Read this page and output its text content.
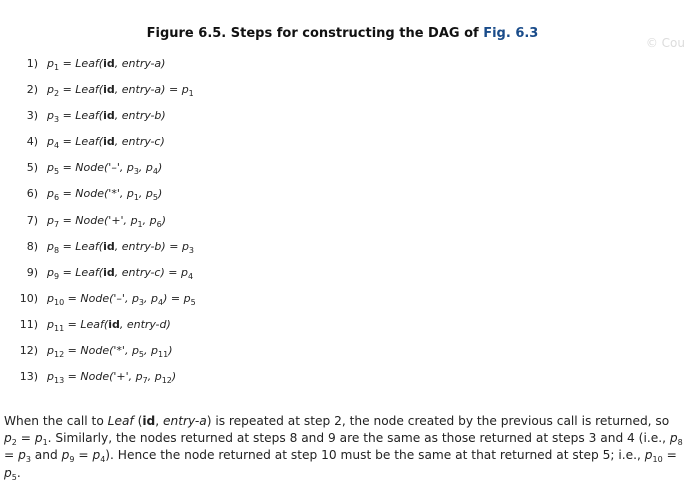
© Cou
Figure 6.5. Steps for constructing the DAG of Fig. 6.3
1) $p_1$ = Leaf(id, entry-a)
2) $p_2$ = Leaf(id, entry-a) = $p_1$
3) $p_3$ = Leaf(id, entry-b)
4) $p_4$ = Leaf(id, entry-c)
5) $p_5$ = Node('–', $p_3$, $p_4$)
6) $p_6$ = Node('*', $p_1$, $p_5$)
7) $p_7$ = Node('+', $p_1$, $p_6$)
8) $p_8$ = Leaf(id, entry-b) = $p_3$
9) $p_9$ = Leaf(id, entry-c) = $p_4$
10) $p_{10}$ = Node('–', $p_3$, $p_4) = p_5$
11) $p_{11}$ = Leaf(id, entry-d)
12) $p_{12}$ = Node('*', $p_5$, $p_{11}$)
13) $p_{13}$ = Node('+', $p_7$, $p_{12}$)
When the call to Leaf (id, entry-a) is repeated at step 2, the node created by the previous call is returned, so $p_2 = p_1$. Similarly, the nodes returned at steps 8 and 9 are the same as those returned at steps 3 and 4 (i.e., $p_8 = p_3$ and $p_9 = p_4$). Hence the node returned at step 10 must be the same at that returned at step 5; i.e., $p_{10} = p_5$.
